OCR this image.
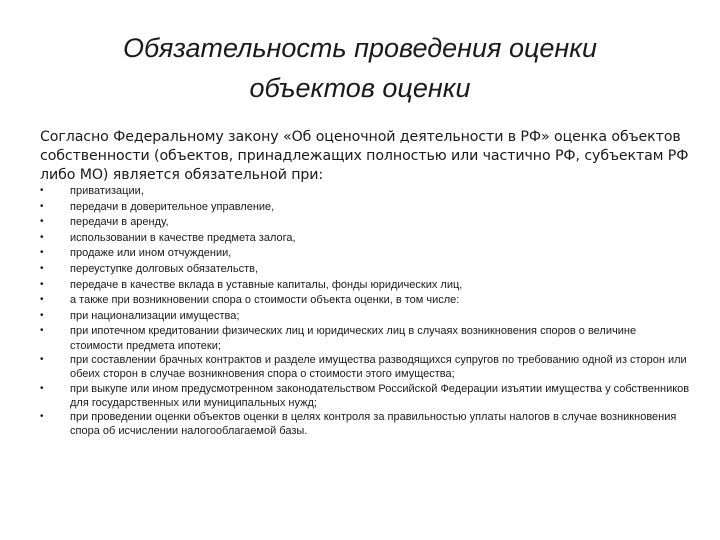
Обязательность проведения оценки
объектов оценки
Согласно Федеральному закону «Об оценочной деятельности в РФ» оценка объектов собственности (объектов, принадлежащих полностью или частично РФ, субъектам РФ либо МО) является обязательной при:
• приватизации,
• передачи в доверительное управление,
• передачи в аренду,
• использовании в качестве предмета залога,
• продаже или ином отчуждении,
• переуступке долговых обязательств,
• передаче в качестве вклада в уставные капиталы, фонды юридических лиц,
• а также при возникновении спора о стоимости объекта оценки, в том числе:
• при национализации имущества;
• при ипотечном кредитовании физических лиц и юридических лиц в случаях возникновения споров о величине стоимости предмета ипотеки;
• при составлении брачных контрактов и разделе имущества разводящихся супругов по требованию одной из сторон или обеих сторон в случае возникновения спора о стоимости этого имущества;
• при выкупе или ином предусмотренном законодательством Российской Федерации изъятии имущества у собственников для государственных или муниципальных нужд;
• при проведении оценки объектов оценки в целях контроля за правильностью уплаты налогов в случае возникновения спора об исчислении налогооблагаемой базы.
